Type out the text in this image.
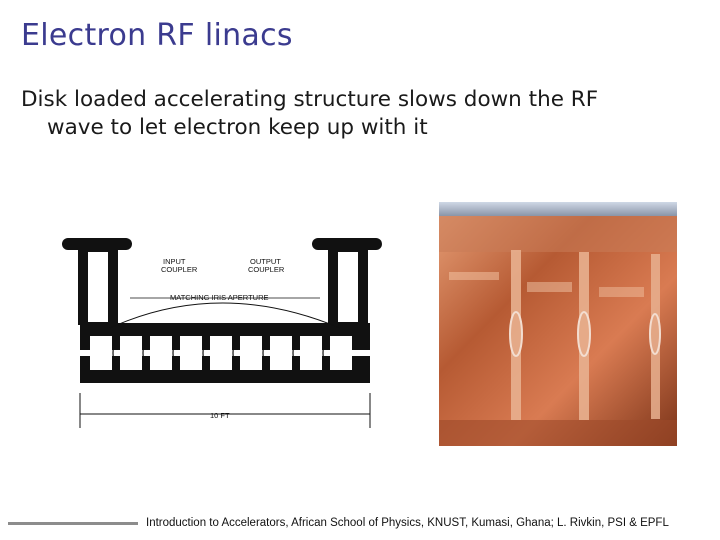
Electron RF linacs
Disk loaded accelerating structure slows down the RF
wave to let electron keep up with it
INPUT
COUPLER
OUTPUT
COUPLER
MATCHING IRIS APERTURE
10 FT
Introduction to Accelerators, African School of Physics, KNUST, Kumasi, Ghana; L. Rivkin, PSI & EPFL
